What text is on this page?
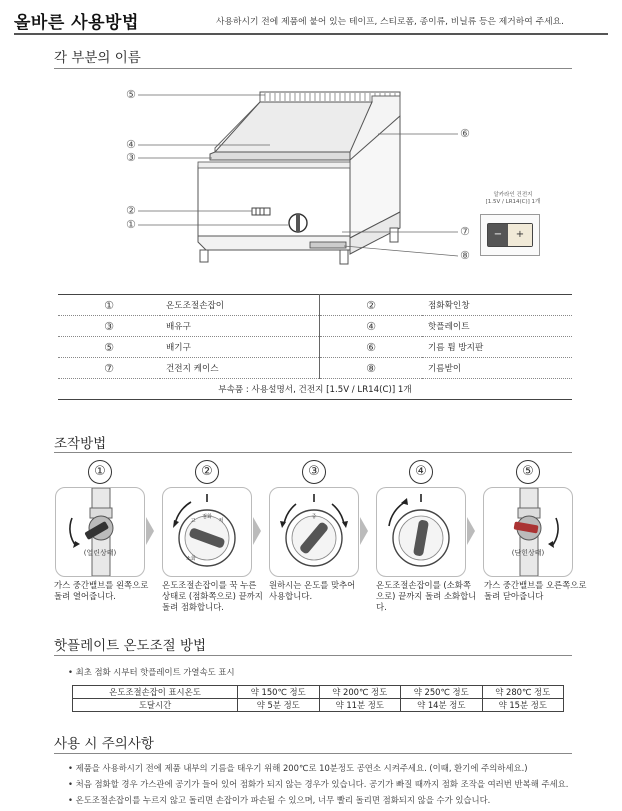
올바른 사용방법	사용하시기 전에 제품에 붙어 있는 테이프, 스티로폼, 종이류, 비닐류 등은 제거하여 주세요.
각 부분의 이름
⑤
④
③
②
①
⑥
⑦
⑧
알카라인 건전지
[1.5V / LR14(C)] 1개
−	+
①	온도조절손잡이	②	점화확인창
③	배유구	④	핫플레이트
⑤	배기구	⑥	기름 튐 방지판
⑦	건전지 케이스	⑧	기름받이
부속품 : 사용설명서, 건전지 [1.5V / LR14(C)] 1개			
조작방법
①	②	③	④	⑤
(열린상태)
점화
고	저
소화
중
(닫힌상태)
가스 중간밸브를 왼쪽으로 돌려 열어줍니다.
온도조절손잡이를 꾹 누른 상태로 (점화쪽으로) 끝까지 돌려 점화합니다.
원하시는 온도를 맞추어 사용합니다.
온도조절손잡이를 (소화쪽으로) 끝까지 돌려 소화합니다.
가스 중간밸브를 오른쪽으로 돌려 닫아줍니다
핫플레이트 온도조절 방법
• 최초 점화 시부터 핫플레이트 가열속도 표시
온도조절손잡이 표시온도	약 150℃ 정도	약 200℃ 정도	약 250℃ 정도	약 280℃ 정도
도달시간	약 5분 정도	약 11분 정도	약 14분 정도	약 15분 정도
사용 시 주의사항
• 제품을 사용하시기 전에 제품 내부의 기름을 태우기 위해 200℃로 10분정도 공연소 시켜주세요. (이때, 환기에 주의하세요.)
• 처음 점화할 경우 가스관에 공기가 들어 있어 점화가 되지 않는 경우가 있습니다. 공기가 빠질 때까지 점화 조작을 여러번 반복해 주세요.
• 온도조절손잡이를 누르지 않고 돌리면 손잡이가 파손될 수 있으며, 너무 빨리 돌리면 점화되지 않을 수가 있습니다.
